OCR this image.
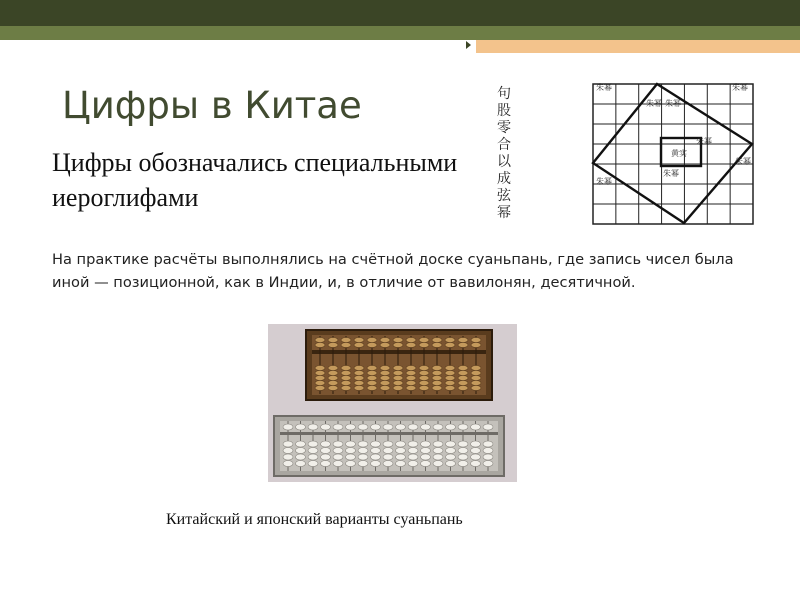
Цифры в Китае
Цифры обозначались специальными иероглифами
句
股
零
合
以
成
弦
幂
朱幂
朱幂 朱幂
朱幂
朱幂
朱幂
朱幂
朱幂
黄实
На практике расчёты выполнялись на счётной доске суаньпань, где запись чисел была иной — позиционной, как в Индии, и, в отличие от вавилонян, десятичной.
Китайский и японский варианты суаньпань
